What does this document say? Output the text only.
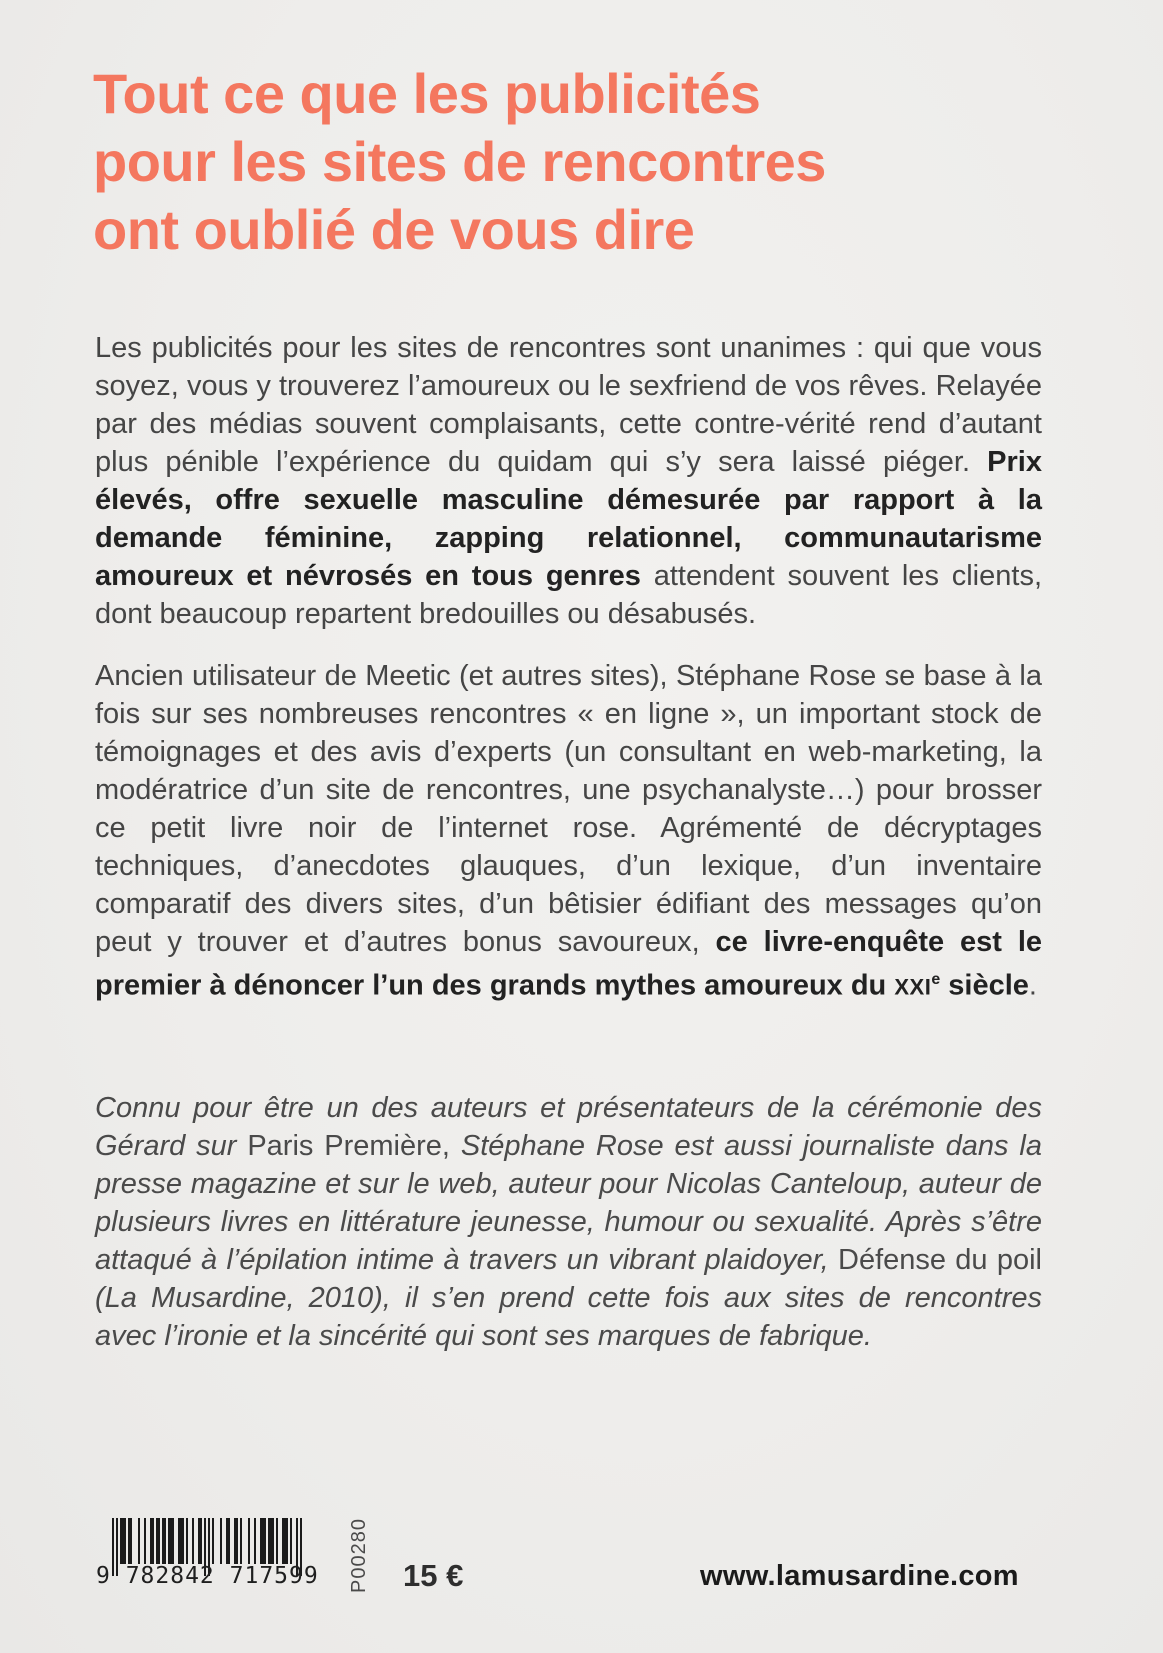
Tout ce que les publicités
pour les sites de rencontres
ont oublié de vous dire

Les publicités pour les sites de rencontres sont unanimes : qui que vous soyez, vous y trouverez l’amoureux ou le sexfriend de vos rêves. Relayée par des médias souvent complaisants, cette contre-vérité rend d’autant plus pénible l’expérience du quidam qui s’y sera laissé piéger. Prix élevés, offre sexuelle masculine démesurée par rapport à la demande féminine, zapping relationnel, communautarisme amoureux et névrosés en tous genres attendent souvent les clients, dont beaucoup repartent bredouilles ou désabusés.

Ancien utilisateur de Meetic (et autres sites), Stéphane Rose se base à la fois sur ses nombreuses rencontres « en ligne », un important stock de témoignages et des avis d’experts (un consultant en web-marketing, la modératrice d’un site de rencontres, une psychanalyste…) pour brosser ce petit livre noir de l’internet rose. Agrémenté de décryptages techniques, d’anecdotes glauques, d’un lexique, d’un inventaire comparatif des divers sites, d’un bêtisier édifiant des messages qu’on peut y trouver et d’autres bonus savoureux, ce livre-enquête est le premier à dénoncer l’un des grands mythes amoureux du XXIe siècle.

Connu pour être un des auteurs et présentateurs de la cérémonie des Gérard sur Paris Première, Stéphane Rose est aussi journaliste dans la presse magazine et sur le web, auteur pour Nicolas Canteloup, auteur de plusieurs livres en littérature jeunesse, humour ou sexualité. Après s’être attaqué à l’épilation intime à travers un vibrant plaidoyer, Défense du poil (La Musardine, 2010), il s’en prend cette fois aux sites de rencontres avec l’ironie et la sincérité qui sont ses marques de fabrique.

9 782842 717599 P00280 15 €	www.lamusardine.com
